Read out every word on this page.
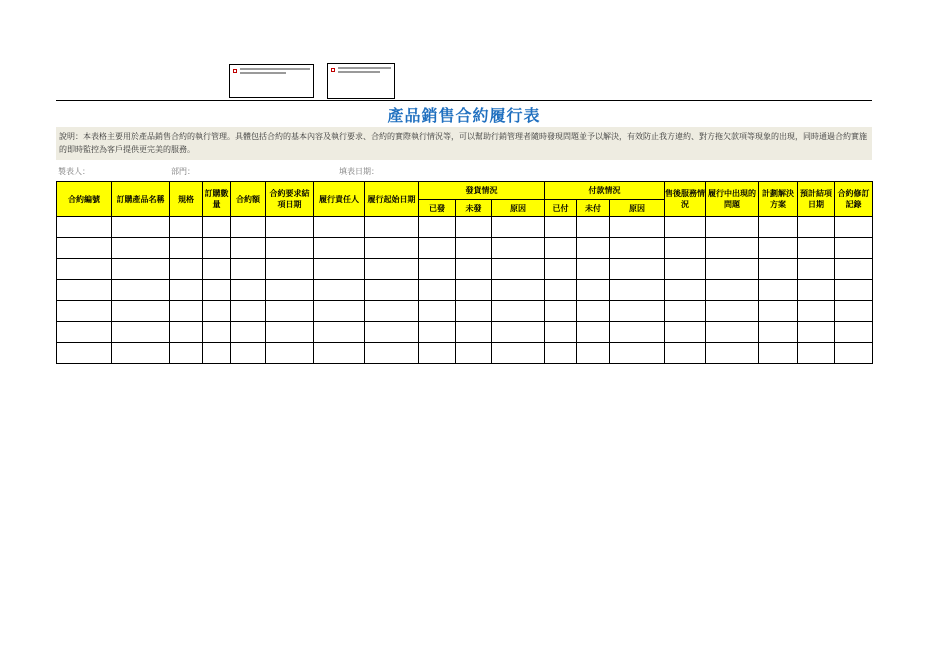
產品銷售合約履行表
說明：本表格主要用於產品銷售合約的執行管理。具體包括合約的基本內容及執行要求、合約的實際執行情況等，可以幫助行銷管理者隨時發現問題並予以解決，有效防止我方違約、對方拖欠款項等現象的出現，同時通過合約實施的即時監控為客戶提供更完美的服務。
製表人：	部門：	填表日期：
合約編號	訂購產品名稱	規格	訂購數量	合約額	合約要求結項日期	履行責任人	履行起始日期	發貨情況			付款情況			售後服務情況	履行中出現的問題	計劃解決方案	預計結項日期	合約修訂記錄
								已發	未發	原因	已付	未付	原因					
